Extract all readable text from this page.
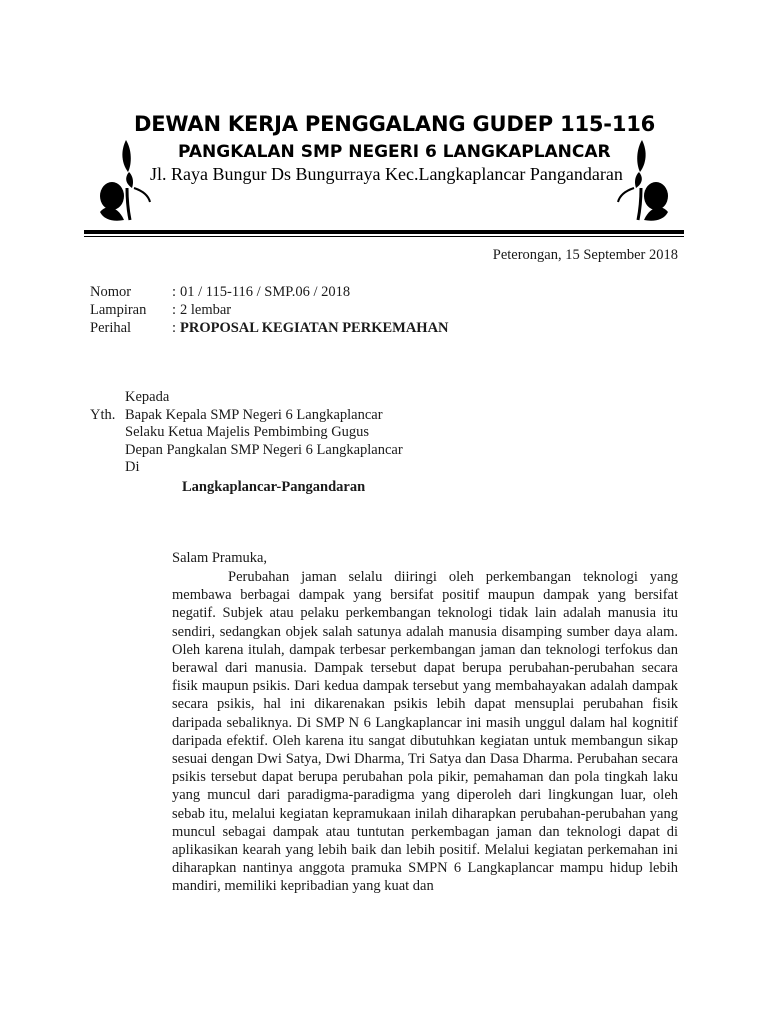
DEWAN KERJA PENGGALANG GUDEP 115-116
PANGKALAN SMP NEGERI 6 LANGKAPLANCAR
Jl. Raya Bungur Ds Bungurraya Kec.Langkaplancar Pangandaran
Peterongan, 15 September 2018
Nomor	: 01 / 115-116 / SMP.06 / 2018
Lampiran : 2 lembar
Perihal	: PROPOSAL KEGIATAN PERKEMAHAN
Kepada
Yth. Bapak Kepala SMP Negeri 6 Langkaplancar
Selaku Ketua Majelis Pembimbing Gugus
Depan Pangkalan SMP Negeri 6 Langkaplancar
Di
Langkaplancar-Pangandaran
Salam Pramuka,
Perubahan jaman selalu diiringi oleh perkembangan teknologi yang membawa berbagai dampak yang bersifat positif maupun dampak yang bersifat negatif. Subjek atau pelaku perkembangan teknologi tidak lain adalah manusia itu sendiri, sedangkan objek salah satunya adalah manusia disamping sumber daya alam. Oleh karena itulah, dampak terbesar perkembangan jaman dan teknologi terfokus dan berawal dari manusia. Dampak tersebut dapat berupa perubahan-perubahan secara fisik maupun psikis. Dari kedua dampak tersebut yang membahayakan adalah dampak secara psikis, hal ini dikarenakan psikis lebih dapat mensuplai perubahan fisik daripada sebaliknya. Di SMP N 6 Langkaplancar ini masih unggul dalam hal kognitif daripada efektif. Oleh karena itu sangat dibutuhkan kegiatan untuk membangun sikap sesuai dengan Dwi Satya, Dwi Dharma, Tri Satya dan Dasa Dharma. Perubahan secara psikis tersebut dapat berupa perubahan pola pikir, pemahaman dan pola tingkah laku yang muncul dari paradigma-paradigma yang diperoleh dari lingkungan luar, oleh sebab itu, melalui kegiatan kepramukaan inilah diharapkan perubahan-perubahan yang muncul sebagai dampak atau tuntutan perkembagan jaman dan teknologi dapat di aplikasikan kearah yang lebih baik dan lebih positif. Melalui kegiatan perkemahan ini diharapkan nantinya anggota pramuka SMPN 6 Langkaplancar mampu hidup lebih mandiri, memiliki kepribadian yang kuat dan
